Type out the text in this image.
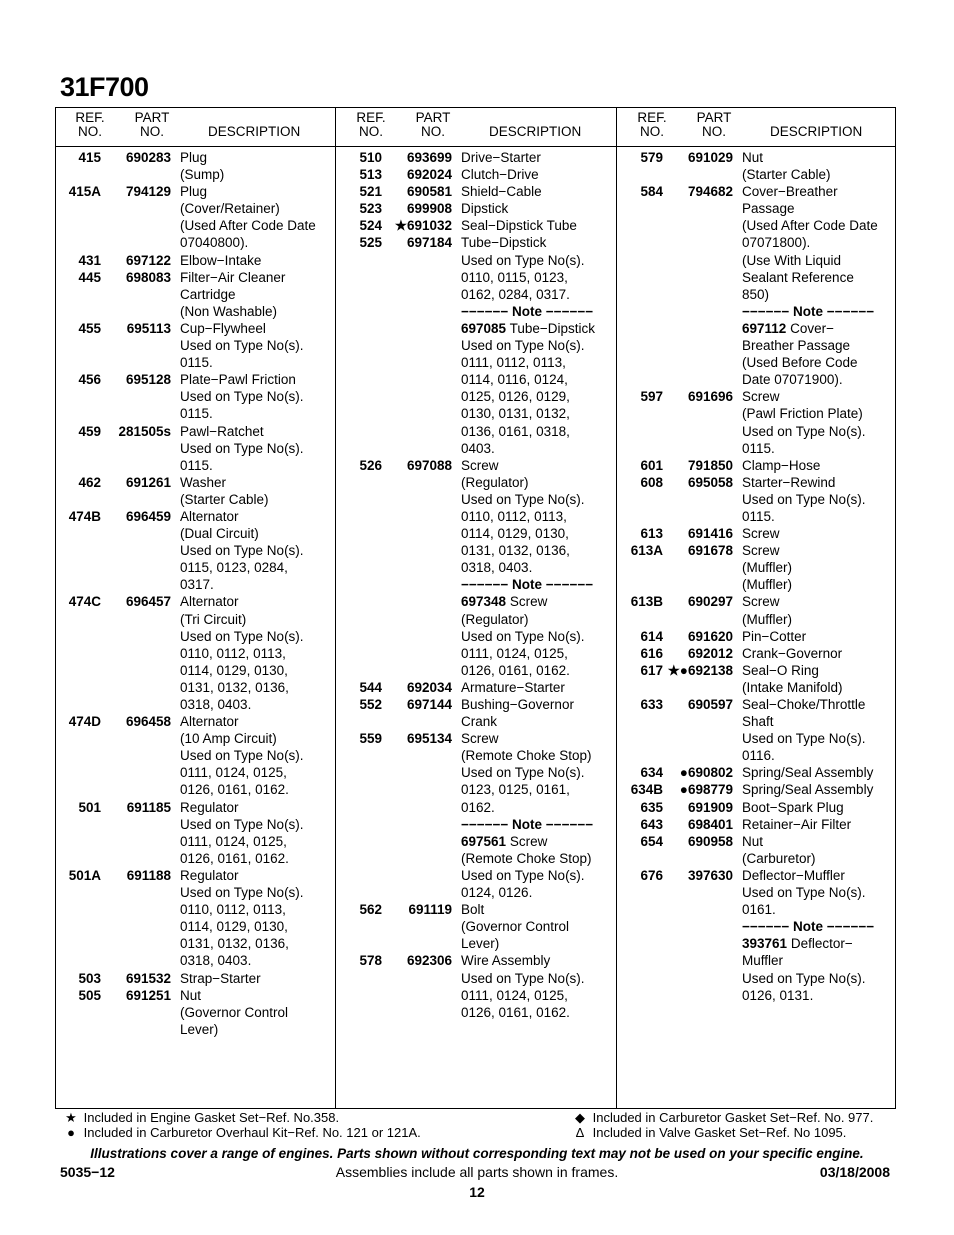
31F700
REF.
NO.
PART
NO.	DESCRIPTION
415	690283 Plug
(Sump)
415A	794129 Plug
(Cover/Retainer)
(Used After Code Date
07040800).
431	697122 Elbow−Intake
445	698083 Filter−Air Cleaner
Cartridge
(Non Washable)
455	695113 Cup−Flywheel
Used on Type No(s).
0115.
456	695128 Plate−Pawl Friction
Used on Type No(s).
0115.
459	281505s Pawl−Ratchet
Used on Type No(s).
0115.
462	691261 Washer
(Starter Cable)
474B	696459 Alternator
(Dual Circuit)
Used on Type No(s).
0115, 0123, 0284,
0317.
474C	696457 Alternator
(Tri Circuit)
Used on Type No(s).
0110, 0112, 0113,
0114, 0129, 0130,
0131, 0132, 0136,
0318, 0403.
474D	696458 Alternator
(10 Amp Circuit)
Used on Type No(s).
0111, 0124, 0125,
0126, 0161, 0162.
501	691185 Regulator
Used on Type No(s).
0111, 0124, 0125,
0126, 0161, 0162.
501A	691188 Regulator
Used on Type No(s).
0110, 0112, 0113,
0114, 0129, 0130,
0131, 0132, 0136,
0318, 0403.
503	691532 Strap−Starter
505	691251 Nut
(Governor Control
Lever)
REF.
NO.
PART
NO.	DESCRIPTION
510	693699 Drive−Starter
513	692024 Clutch−Drive
521	690581 Shield−Cable
523	699908 Dipstick
524 ★691032 Seal−Dipstick Tube
525	697184 Tube−Dipstick
Used on Type No(s).
0110, 0115, 0123,
0162, 0284, 0317.
−−−−−− Note −−−−−−
697085 Tube−Dipstick
Used on Type No(s).
0111, 0112, 0113,
0114, 0116, 0124,
0125, 0126, 0129,
0130, 0131, 0132,
0136, 0161, 0318,
0403.
526	697088 Screw
(Regulator)
Used on Type No(s).
0110, 0112, 0113,
0114, 0129, 0130,
0131, 0132, 0136,
0318, 0403.
−−−−−− Note −−−−−−
697348 Screw
(Regulator)
Used on Type No(s).
0111, 0124, 0125,
0126, 0161, 0162.
544	692034 Armature−Starter
552	697144 Bushing−Governor
Crank
559	695134 Screw
(Remote Choke Stop)
Used on Type No(s).
0123, 0125, 0161,
0162.
−−−−−− Note −−−−−−
697561 Screw
(Remote Choke Stop)
Used on Type No(s).
0124, 0126.
562	691119 Bolt
(Governor Control
Lever)
578	692306 Wire Assembly
Used on Type No(s).
0111, 0124, 0125,
0126, 0161, 0162.
REF.
NO.
PART
NO.	DESCRIPTION
579	691029 Nut
(Starter Cable)
584	794682 Cover−Breather
Passage
(Used After Code Date
07071800).
(Use With Liquid
Sealant Reference
850)
−−−−−− Note −−−−−−
697112 Cover−
Breather Passage
(Used Before Code
Date 07071900).
597	691696 Screw
(Pawl Friction Plate)
Used on Type No(s).
0115.
601	791850 Clamp−Hose
608	695058 Starter−Rewind
Used on Type No(s).
0115.
613	691416 Screw
613A	691678 Screw
(Muffler)
(Muffler)
613B	690297 Screw
(Muffler)
614	691620 Pin−Cotter
616	692012 Crank−Governor
617 ★●692138 Seal−O Ring
(Intake Manifold)
633	690597 Seal−Choke/Throttle
Shaft
Used on Type No(s).
0116.
634	●690802 Spring/Seal Assembly
634B	●698779 Spring/Seal Assembly
635	691909 Boot−Spark Plug
643	698401 Retainer−Air Filter
654	690958 Nut
(Carburetor)
676	397630 Deflector−Muffler
Used on Type No(s).
0161.
−−−−−− Note −−−−−−
393761 Deflector−
Muffler
Used on Type No(s).
0126, 0131.
★ Included in Engine Gasket Set−Ref. No.358.
● Included in Carburetor Overhaul Kit−Ref. No. 121 or 121A.
◆ Included in Carburetor Gasket Set−Ref. No. 977.
∆ Included in Valve Gasket Set−Ref. No 1095.
Illustrations cover a range of engines. Parts shown without corresponding text may not be used on your specific engine.
5035−12	Assemblies include all parts shown in frames.	03/18/2008
12
